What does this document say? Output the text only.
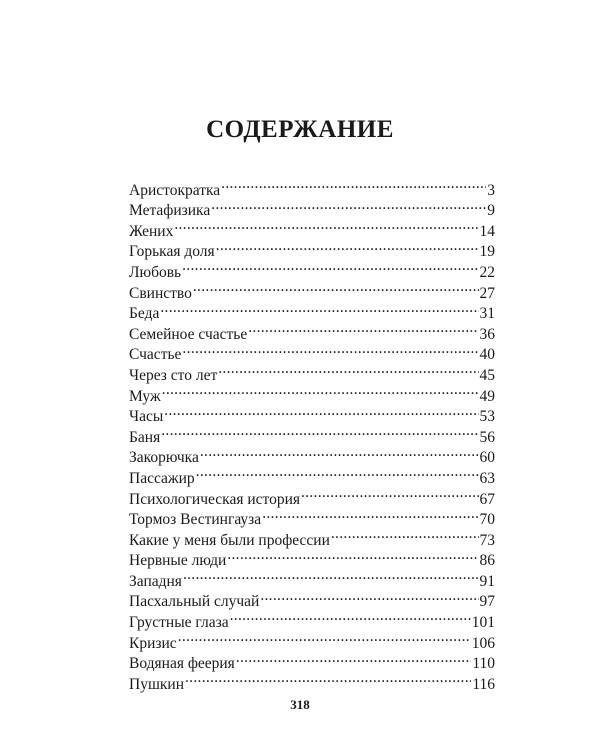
СОДЕРЖАНИЕ
Аристократка .....	3
Метафизика .....	9
Жених .....	14
Горькая доля .....	19
Любовь .....	22
Свинство .....	27
Беда .....	31
Семейное счастье .....	36
Счастье .....	40
Через сто лет .....	45
Муж .....	49
Часы .....	53
Баня .....	56
Закорючка .....	60
Пассажир .....	63
Психологическая история .....	67
Тормоз Вестингауза .....	70
Какие у меня были профессии .....	73
Нервные люди .....	86
Западня .....	91
Пасхальный случай .....	97
Грустные глаза .....	101
Кризис .....	106
Водяная феерия .....	110
Пушкин .....	116
318
